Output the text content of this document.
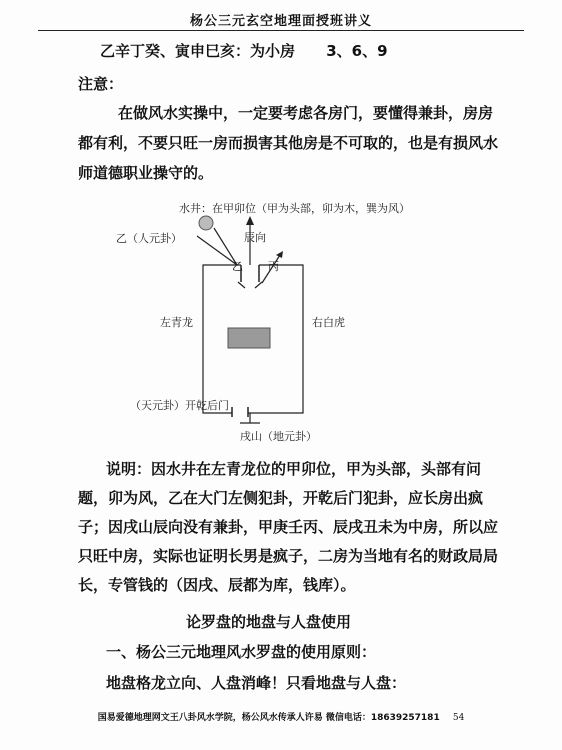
杨公三元玄空地理面授班讲义
乙辛丁癸、寅申巳亥：为小房 3、6、9
注意：
在做风水实操中，一定要考虑各房门，要懂得兼卦，房房都有利，不要只旺一房而损害其他房是不可取的，也是有损风水师道德职业操守的。
水井：在甲卯位（甲为头部，卯为木，巽为风）
乙（人元卦）	辰向
乙 丙
左青龙	右白虎
（天元卦）开乾后门
戌山（地元卦）
说明：因水井在左青龙位的甲卯位，甲为头部，头部有问题，卯为风，乙在大门左侧犯卦，开乾后门犯卦，应长房出疯子；因戌山辰向没有兼卦，甲庚壬丙、辰戌丑未为中房，所以应只旺中房，实际也证明长男是疯子，二房为当地有名的财政局局长，专管钱的（因戌、辰都为库，钱库）。
论罗盘的地盘与人盘使用
一、杨公三元地理风水罗盘的使用原则：
地盘格龙立向、人盘消峰！只看地盘与人盘：
国易爱德地理网文王八卦风水学院，杨公风水传承人许易 微信电话：18639257181 54
